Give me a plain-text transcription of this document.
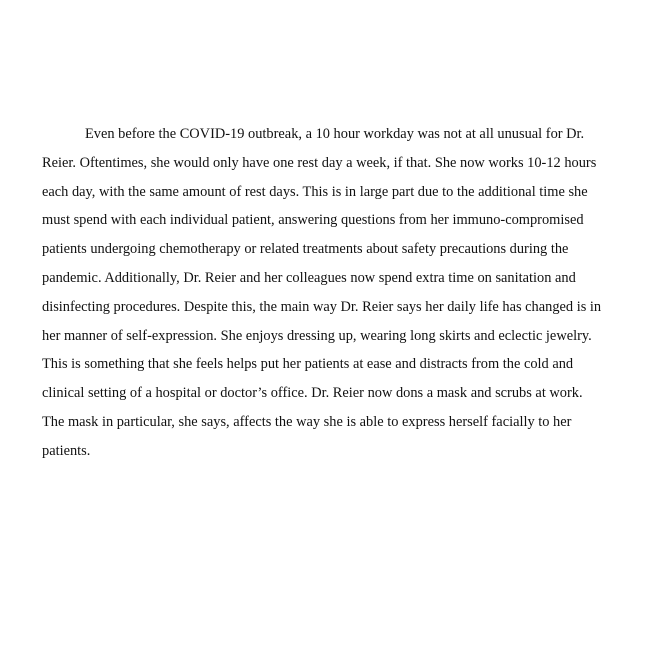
Even before the COVID-19 outbreak, a 10 hour workday was not at all unusual for Dr.
Reier. Oftentimes, she would only have one rest day a week, if that. She now works 10-12 hours
each day, with the same amount of rest days. This is in large part due to the additional time she
must spend with each individual patient, answering questions from her immuno-compromised
patients undergoing chemotherapy or related treatments about safety precautions during the
pandemic. Additionally, Dr. Reier and her colleagues now spend extra time on sanitation and
disinfecting procedures. Despite this, the main way Dr. Reier says her daily life has changed is in
her manner of self-expression. She enjoys dressing up, wearing long skirts and eclectic jewelry.
This is something that she feels helps put her patients at ease and distracts from the cold and
clinical setting of a hospital or doctor’s office. Dr. Reier now dons a mask and scrubs at work.
The mask in particular, she says, affects the way she is able to express herself facially to her
patients.
